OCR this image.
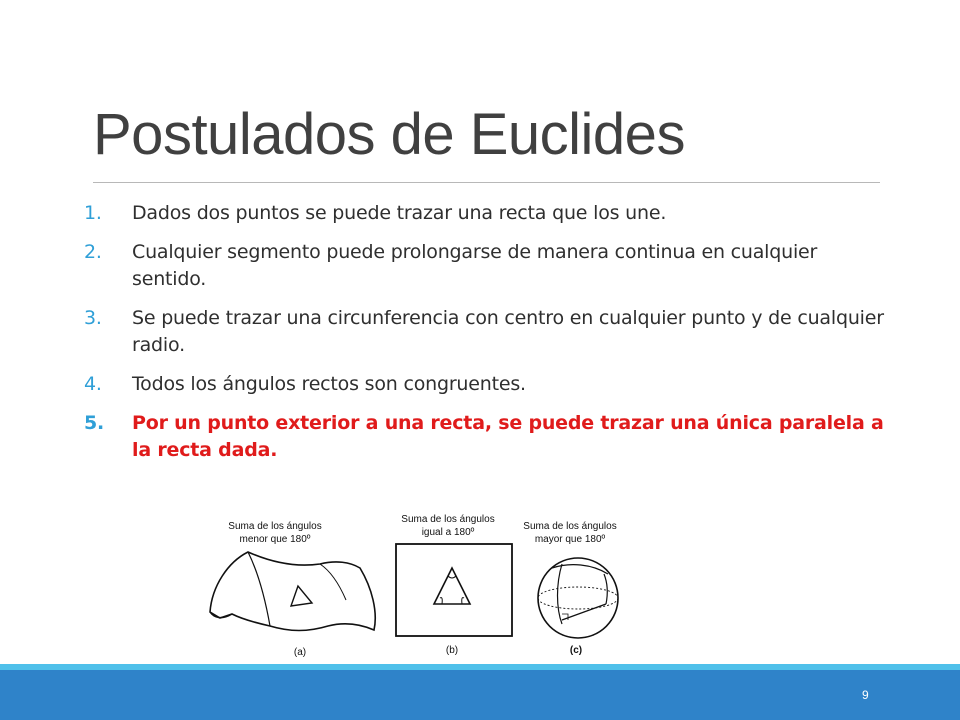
Postulados de Euclides
1.	Dados dos puntos se puede trazar una recta que los une.
2.	Cualquier segmento puede prolongarse de manera continua en cualquier sentido.
3.	Se puede trazar una circunferencia con centro en cualquier punto y de cualquier radio.
4.	Todos los ángulos rectos son congruentes.
5.	Por un punto exterior a una recta, se puede trazar una única paralela a la recta dada.
Suma de los ángulos
menor que 180º
(a)
Suma de los ángulos
igual a 180º
(b)
Suma de los ángulos
mayor que 180º
(c)
9
